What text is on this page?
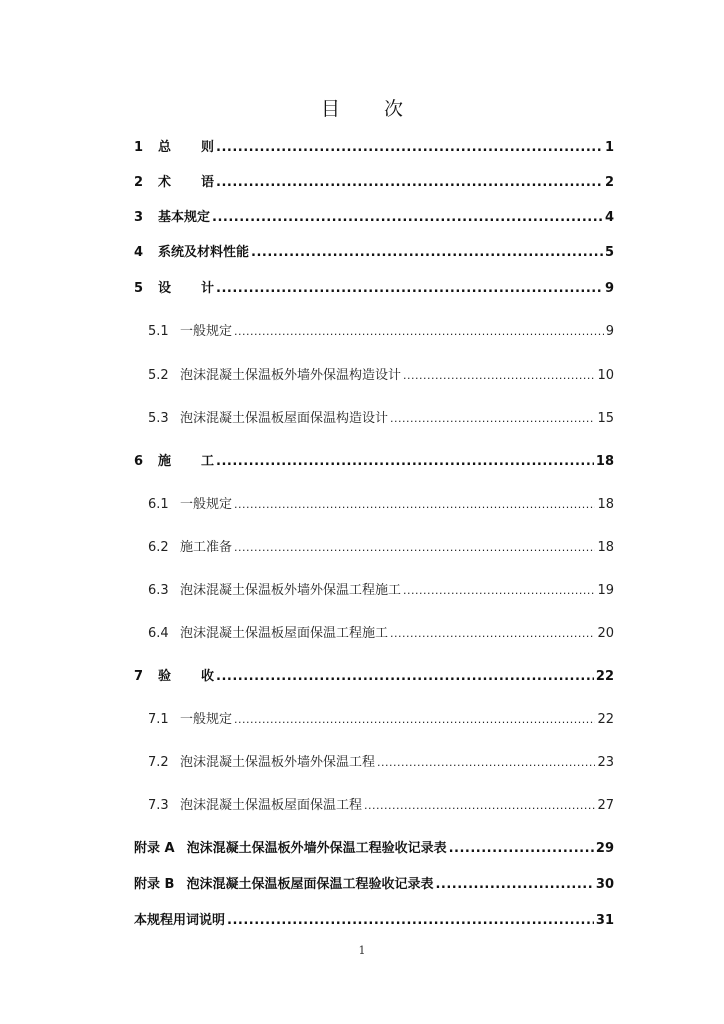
目 次
1	总 则 .....	1
2	术 语 .....	2
3	基本规定 .....	4
4	系统及材料性能 .....	5
5	设 计 .....	9
5.1 一般规定 .....	9
5.2 泡沫混凝土保温板外墙外保温构造设计 .....	10
5.3 泡沫混凝土保温板屋面保温构造设计 .....	15
6	施 工 .....	18
6.1 一般规定 .....	18
6.2 施工准备 .....	18
6.3 泡沫混凝土保温板外墙外保温工程施工 .....	19
6.4 泡沫混凝土保温板屋面保温工程施工 .....	20
7	验 收 .....	22
7.1 一般规定 .....	22
7.2 泡沫混凝土保温板外墙外保温工程 .....	23
7.3 泡沫混凝土保温板屋面保温工程 .....	27
附录 A 泡沫混凝土保温板外墙外保温工程验收记录表 .....	29
附录 B 泡沫混凝土保温板屋面保温工程验收记录表 .....	30
本规程用词说明 .....	31
1
